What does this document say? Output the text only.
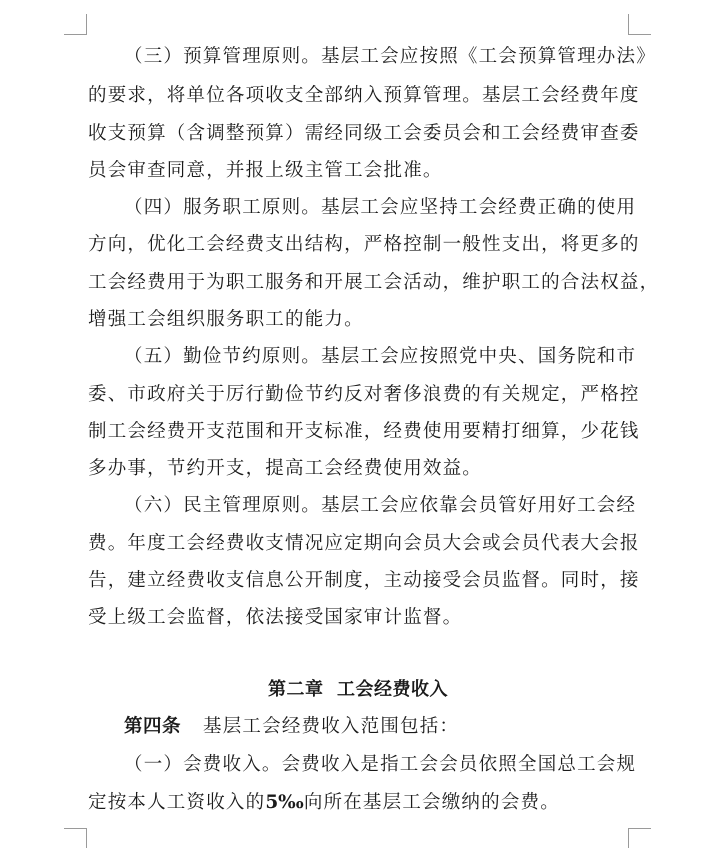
（三）预算管理原则。基层工会应按照《工会预算管理办法》
的要求，将单位各项收支全部纳入预算管理。基层工会经费年度
收支预算（含调整预算）需经同级工会委员会和工会经费审查委
员会审查同意，并报上级主管工会批准。
（四）服务职工原则。基层工会应坚持工会经费正确的使用
方向，优化工会经费支出结构，严格控制一般性支出，将更多的
工会经费用于为职工服务和开展工会活动，维护职工的合法权益，
增强工会组织服务职工的能力。
（五）勤俭节约原则。基层工会应按照党中央、国务院和市
委、市政府关于厉行勤俭节约反对奢侈浪费的有关规定，严格控
制工会经费开支范围和开支标准，经费使用要精打细算，少花钱
多办事，节约开支，提高工会经费使用效益。
（六）民主管理原则。基层工会应依靠会员管好用好工会经
费。年度工会经费收支情况应定期向会员大会或会员代表大会报
告，建立经费收支信息公开制度，主动接受会员监督。同时，接
受上级工会监督，依法接受国家审计监督。
第二章  工会经费收入
第四条 基层工会经费收入范围包括：
（一）会费收入。会费收入是指工会会员依照全国总工会规
定按本人工资收入的5‰向所在基层工会缴纳的会费。
